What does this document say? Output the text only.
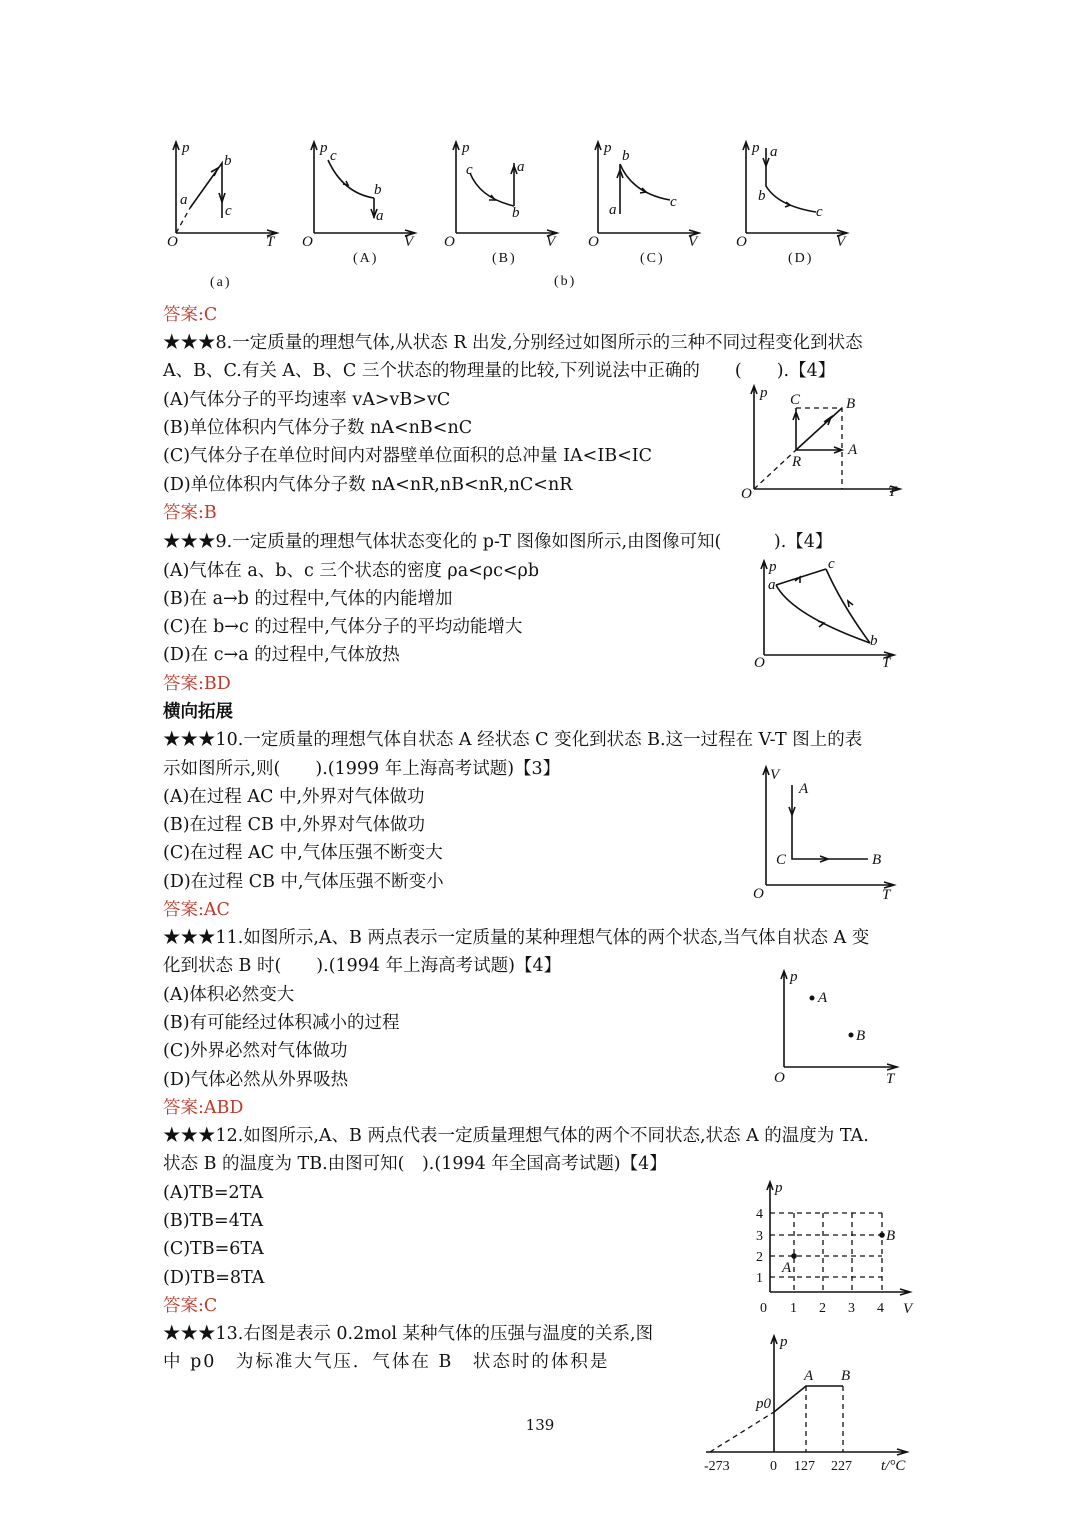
p
T
O
a
b
c
(a)
p
V
O
c
b
a
(A)
p
V
O
c	a
b
(B)
p
V
O
b
a	c
(C)
p
V
O
a
b
c
(D)
(b)
答案:C
★★★8.一定质量的理想气体,从状态 R 出发,分别经过如图所示的三种不同过程变化到状态
A、B、C.有关 A、B、C 三个状态的物理量的比较,下列说法中正确的　　(　　).【4】
(A)气体分子的平均速率 vA>vB>vC
(B)单位体积内气体分子数 nA<nB<nC
(C)气体分子在单位时间内对器壁单位面积的总冲量 IA<IB<IC
(D)单位体积内气体分子数 nA<nR,nB<nR,nC<nR
答案:B
p
T
O
C	B
A
R
★★★9.一定质量的理想气体状态变化的 p-T 图像如图所示,由图像可知(　　　).【4】
(A)气体在 a、b、c 三个状态的密度 ρa<ρc<ρb
(B)在 a→b 的过程中,气体的内能增加
(C)在 b→c 的过程中,气体分子的平均动能增大
(D)在 c→a 的过程中,气体放热
答案:BD
p
T
O
a
c
b
横向拓展
★★★10.一定质量的理想气体自状态 A 经状态 C 变化到状态 B.这一过程在 V-T 图上的表
示如图所示,则(　　).(1999 年上海高考试题)【3】
(A)在过程 AC 中,外界对气体做功
(B)在过程 CB 中,外界对气体做功
(C)在过程 AC 中,气体压强不断变大
(D)在过程 CB 中,气体压强不断变小
答案:AC
V
T
O
A
C	B
★★★11.如图所示,A、B 两点表示一定质量的某种理想气体的两个状态,当气体自状态 A 变
化到状态 B 时(　　).(1994 年上海高考试题)【4】
(A)体积必然变大
(B)有可能经过体积减小的过程
(C)外界必然对气体做功
(D)气体必然从外界吸热
答案:ABD
p
T
O
A
B
★★★12.如图所示,A、B 两点代表一定质量理想气体的两个不同状态,状态 A 的温度为 TA.
状态 B 的温度为 TB.由图可知(　).(1994 年全国高考试题)【4】
(A)TB=2TA
(B)TB=4TA
(C)TB=6TA
(D)TB=8TA
答案:C
p
V
4
3
2
1
0 1 2 3 4
A
B
★★★13.右图是表示 0.2mol 某种气体的压强与温度的关系,图
中 p0　为标准大气压．气体在 B　状态时的体积是
p
p0
A B
-273	0 127 227 t/°C
139
